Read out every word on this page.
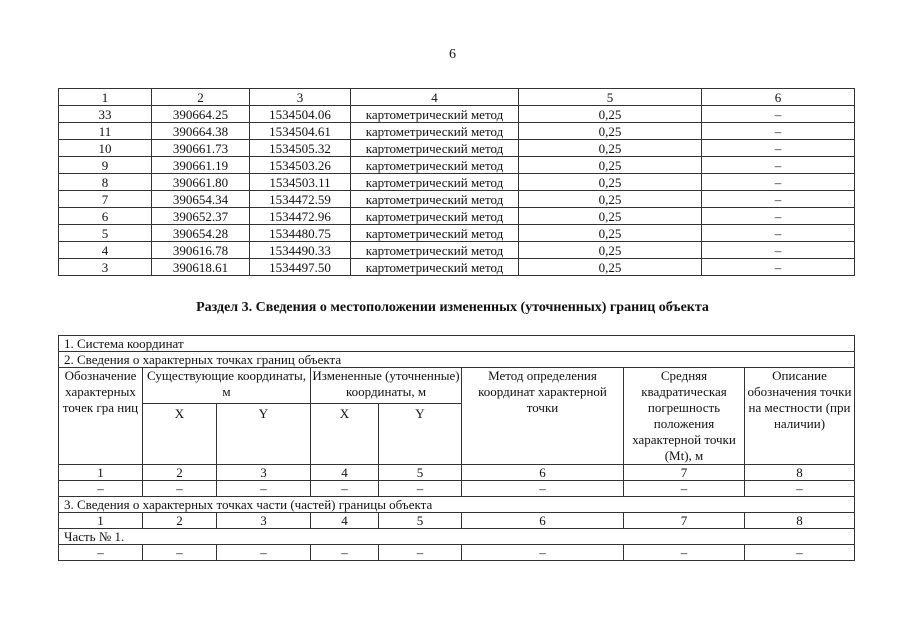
6
1	2	3	4	5	6
33	390664.25	1534504.06	картометрический метод	0,25	–
11	390664.38	1534504.61	картометрический метод	0,25	–
10	390661.73	1534505.32	картометрический метод	0,25	–
9	390661.19	1534503.26	картометрический метод	0,25	–
8	390661.80	1534503.11	картометрический метод	0,25	–
7	390654.34	1534472.59	картометрический метод	0,25	–
6	390652.37	1534472.96	картометрический метод	0,25	–
5	390654.28	1534480.75	картометрический метод	0,25	–
4	390616.78	1534490.33	картометрический метод	0,25	–
3	390618.61	1534497.50	картометрический метод	0,25	–
Раздел 3. Сведения о местоположении измененных (уточненных) границ объекта
1. Система координат							
2. Сведения о характерных точках границ объекта							
Обозначение характерных точек гра ниц	Существующие координаты, м		Измененные (уточненные) координаты, м		Метод определения координат характерной точки	Средняя квадратическая погрешность положения характерной точки (Mt), м	Описание обозначения точки на местности (при наличии)
	X	Y	X	Y			
1	2	3	4	5	6	7	8
–	–	–	–	–	–	–	–
3. Сведения о характерных точках части (частей) границы объекта							
1	2	3	4	5	6	7	8
Часть № 1.							
–	–	–	–	–	–	–	–
